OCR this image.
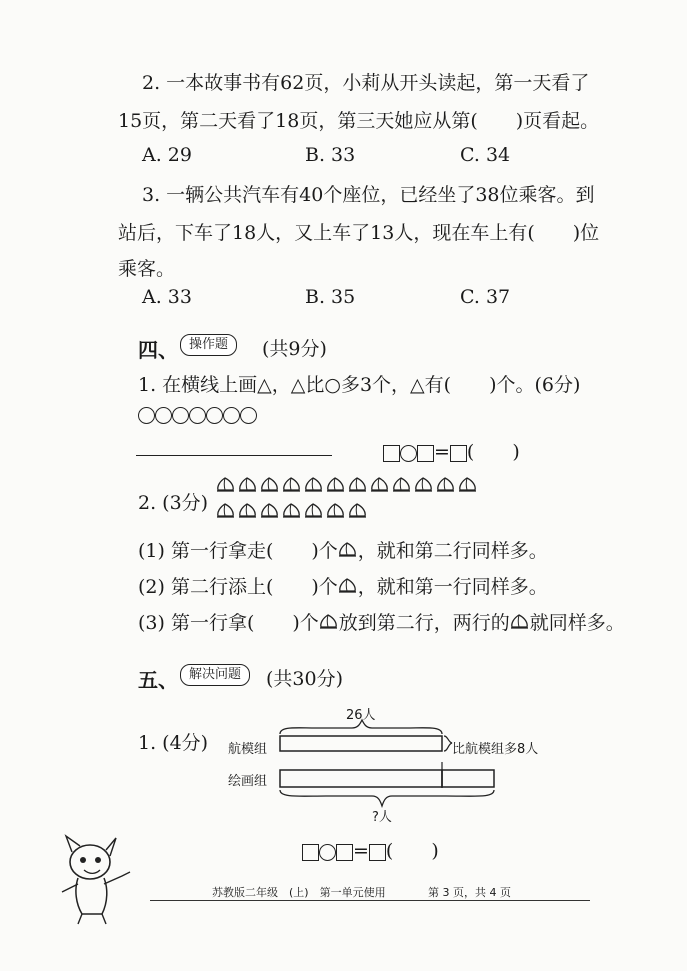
2. 一本故事书有62页，小莉从开头读起，第一天看了
15页，第二天看了18页，第三天她应从第(　　)页看起。
A. 29	B. 33	C. 34
3. 一辆公共汽车有40个座位，已经坐了38位乘客。到
站后，下车了18人，又上车了13人，现在车上有(　　)位
乘客。
A. 33	B. 35	C. 37
四、 操作题	(共9分)
1. 在横线上画△，△比○多3个，△有(　　)个。(6分)
= (　　)
2. (3分)
(1) 第一行拿走(　　)个 ，就和第二行同样多。
(2) 第二行添上(　　)个 ，就和第一行同样多。
(3) 第一行拿(　　)个 放到第二行，两行的 就同样多。
五、 解决问题	(共30分)
1. (4分)
26人
航模组
绘画组
比航模组多8人
?人
= (　　)
苏教版二年级　(上)　第一单元使用	第 3 页，共 4 页
